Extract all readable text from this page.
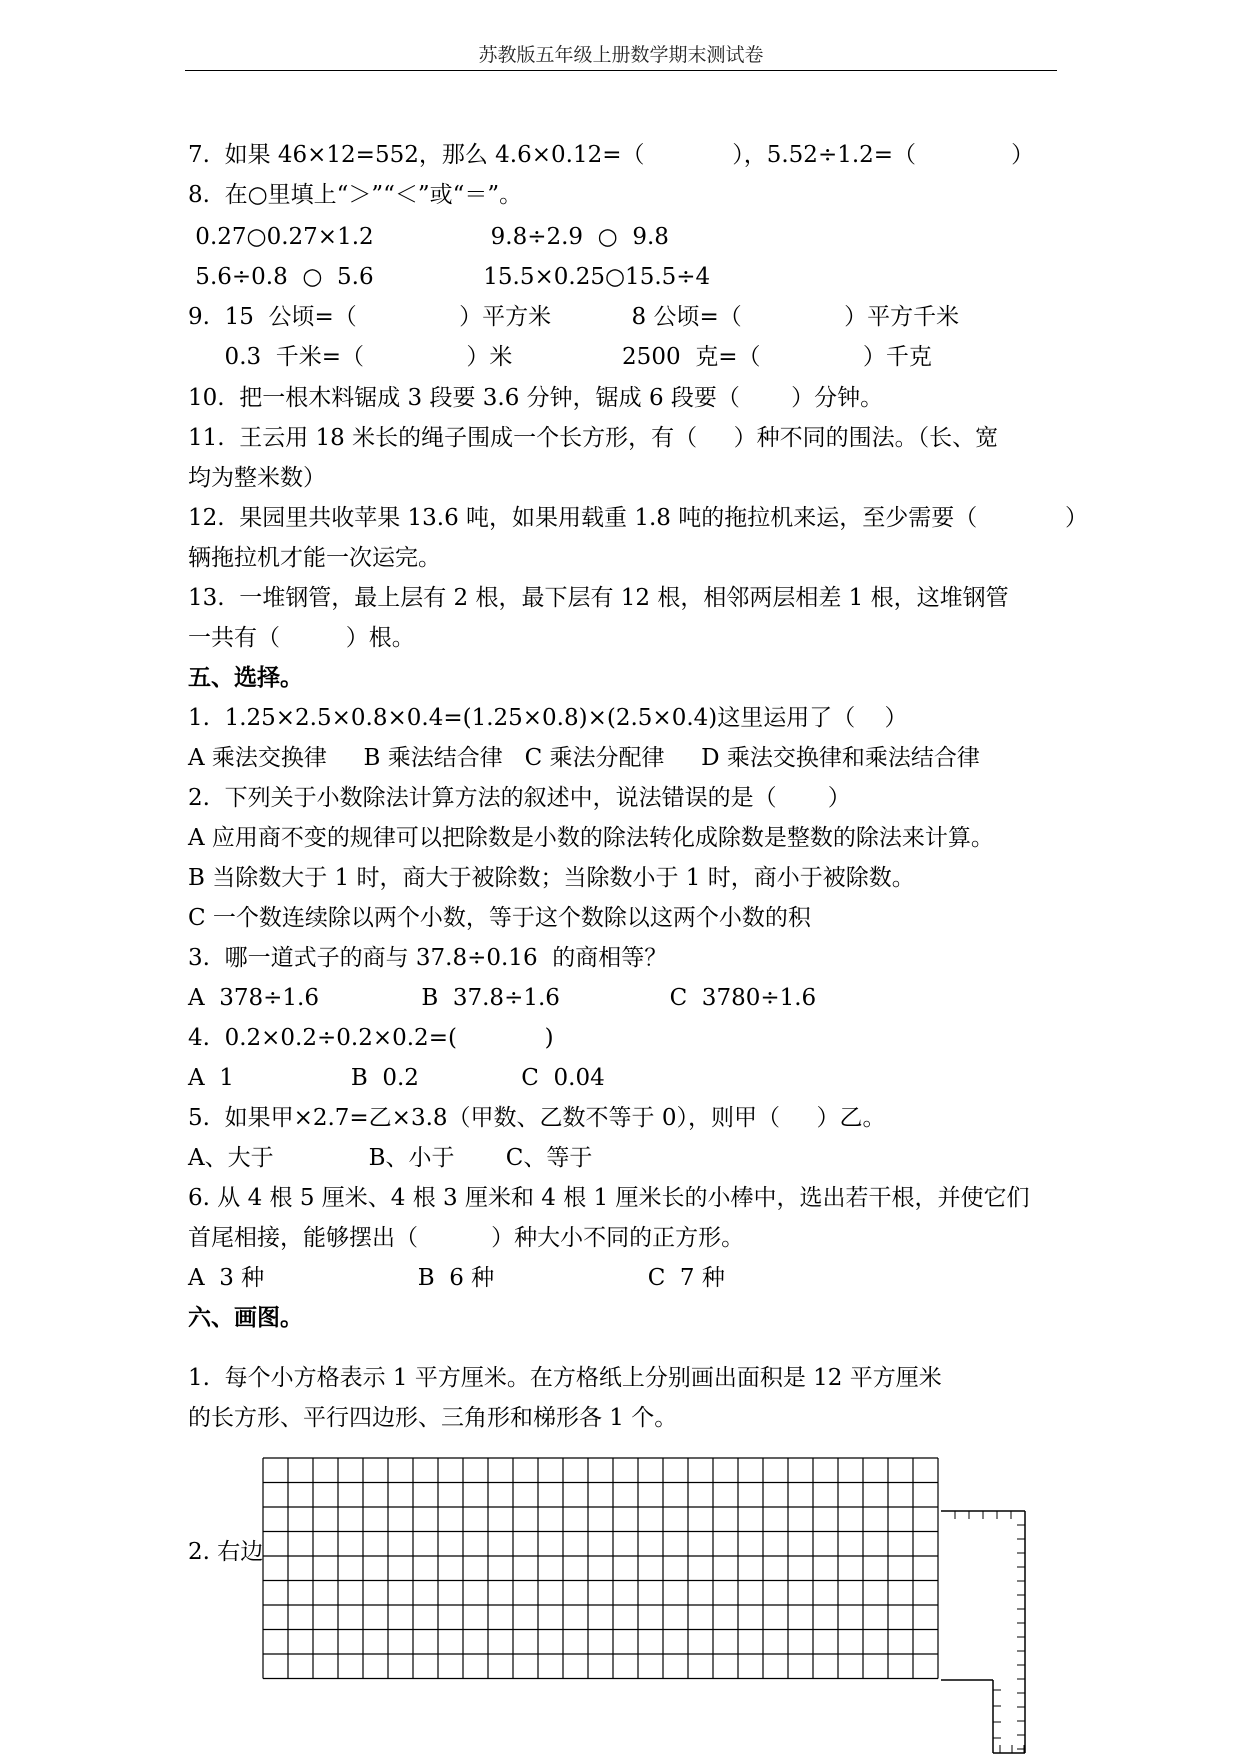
苏教版五年级上册数学期末测试卷
7.  如果 46×12=552，那么 4.6×0.12=（            ），5.52÷1.2=（             ）
8.  在○里填上“＞”“＜”或“＝”。
0.27○0.27×1.2                9.8÷2.9  ○  9.8
5.6÷0.8  ○  5.6               15.5×0.25○15.5÷4
9.  15  公顷=（              ）平方米           8 公顷=（              ）平方千米
0.3  千米=（              ）米               2500  克=（              ）千克
10.  把一根木料锯成 3 段要 3.6 分钟，锯成 6 段要（       ）分钟。
11.  王云用 18 米长的绳子围成一个长方形，有（     ）种不同的围法。（长、宽
均为整米数）
12.  果园里共收苹果 13.6 吨，如果用载重 1.8 吨的拖拉机来运，至少需要（            ）
辆拖拉机才能一次运完。
13.  一堆钢管，最上层有 2 根，最下层有 12 根，相邻两层相差 1 根，这堆钢管
一共有（         ）根。
五、选择。
1.  1.25×2.5×0.8×0.4=(1.25×0.8)×(2.5×0.4)这里运用了（    ）
A 乘法交换律     B 乘法结合律   C 乘法分配律     D 乘法交换律和乘法结合律
2.  下列关于小数除法计算方法的叙述中，说法错误的是（       ）
A 应用商不变的规律可以把除数是小数的除法转化成除数是整数的除法来计算。
B 当除数大于 1 时，商大于被除数；当除数小于 1 时，商小于被除数。
C 一个数连续除以两个小数，等于这个数除以这两个小数的积
3.  哪一道式子的商与 37.8÷0.16  的商相等？
A  378÷1.6              B  37.8÷1.6               C  3780÷1.6
4.  0.2×0.2÷0.2×0.2=(            )
A  1                B  0.2              C  0.04
5.  如果甲×2.7=乙×3.8（甲数、乙数不等于 0），则甲（     ）乙。
A、大于             B、小于       C、等于
6. 从 4 根 5 厘米、4 根 3 厘米和 4 根 1 厘米长的小棒中，选出若干根，并使它们
首尾相接，能够摆出（          ）种大小不同的正方形。
A  3 种                     B  6 种                     C  7 种
六、画图。
1.  每个小方格表示 1 平方厘米。在方格纸上分别画出面积是 12 平方厘米
的长方形、平行四边形、三角形和梯形各 1 个。
2. 右边
